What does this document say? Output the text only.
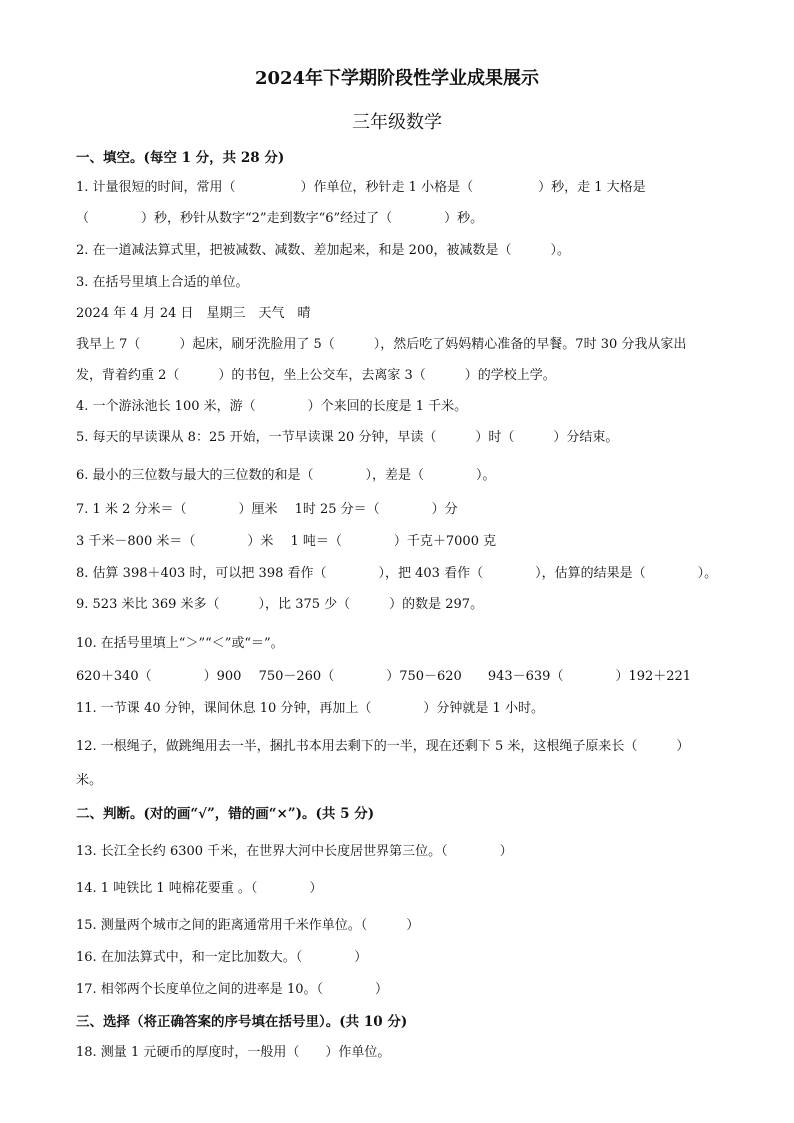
2024年下学期阶段性学业成果展示
三年级数学
一、填空。(每空 1 分，共 28 分)
1. 计量很短的时间，常用（　　　　　）作单位，秒针走 1 小格是（　　　　　）秒，走 1 大格是
（　　　　）秒，秒针从数字“2”走到数字“6”经过了（　　　　）秒。
2. 在一道减法算式里，把被减数、减数、差加起来，和是 200，被减数是（　　　）。
3. 在括号里填上合适的单位。
2024 年 4 月 24 日　星期三　天气　晴
我早上 7（　　　）起床，刷牙洗脸用了 5（　　　），然后吃了妈妈精心准备的早餐。7时 30 分我从家出
发，背着约重 2（　　　）的书包，坐上公交车，去离家 3（　　　）的学校上学。
4. 一个游泳池长 100 米，游（　　　　）个来回的长度是 1 千米。
5. 每天的早读课从 8：25 开始，一节早读课 20 分钟，早读（　　　）时（　　　）分结束。
6. 最小的三位数与最大的三位数的和是（　　　　），差是（　　　　）。
7. 1 米 2 分米＝（　　　　）厘米　 1时 25 分＝（　　　　）分
3 千米－800 米＝（　　　　）米　 1 吨＝（　　　　）千克＋7000 克
8. 估算 398＋403 时，可以把 398 看作（　　　　），把 403 看作（　　　　），估算的结果是（　　　　）。
9. 523 米比 369 米多（　　　），比 375 少（　　　）的数是 297。
10. 在括号里填上“＞”“＜”或“＝”。
620＋340（　　　　）900　 750－260（　　　　）750－620　　943－639（　　　　）192＋221
11. 一节课 40 分钟，课间休息 10 分钟，再加上（　　　　）分钟就是 1 小时。
12. 一根绳子，做跳绳用去一半，捆扎书本用去剩下的一半，现在还剩下 5 米，这根绳子原来长（　　　）
米。
二、判断。(对的画“√”，错的画“×”)。(共 5 分)
13. 长江全长约 6300 千米，在世界大河中长度居世界第三位。（　　　　）
14. 1 吨铁比 1 吨棉花要重 。（　　　　）
15. 测量两个城市之间的距离通常用千米作单位。（　　　）
16. 在加法算式中，和一定比加数大。（　　　　）
17. 相邻两个长度单位之间的进率是 10。（　　　　）
三、选择（将正确答案的序号填在括号里）。(共 10 分)
18. 测量 1 元硬币的厚度时，一般用（　　）作单位。
